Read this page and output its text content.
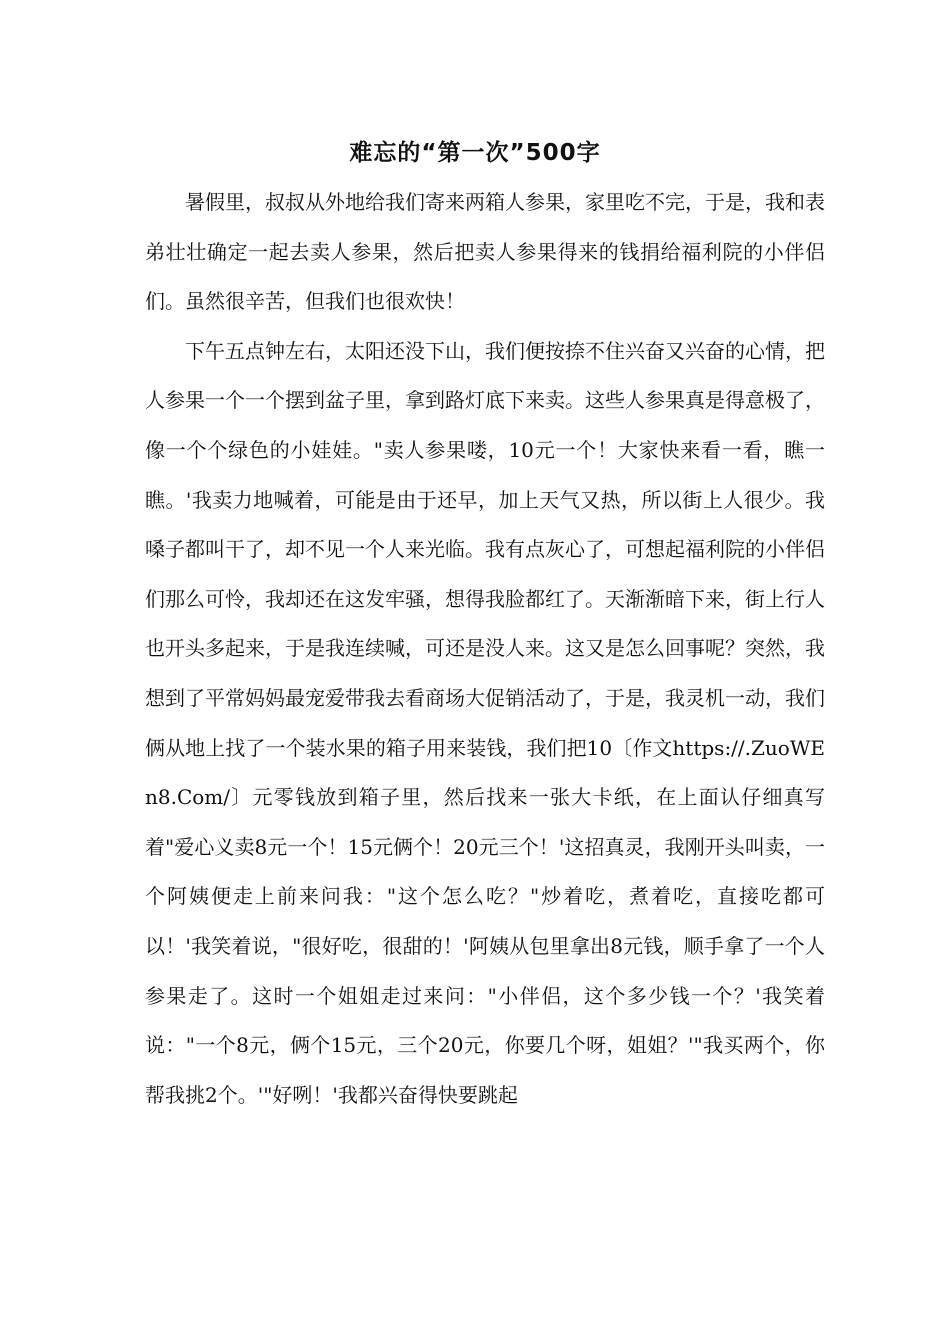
难忘的“第一次”500字

暑假里，叔叔从外地给我们寄来两箱人参果，家里吃不完，于是，我和表弟壮壮确定一起去卖人参果，然后把卖人参果得来的钱捐给福利院的小伴侣们。虽然很辛苦，但我们也很欢快！

下午五点钟左右，太阳还没下山，我们便按捺不住兴奋又兴奋的心情，把人参果一个一个摆到盆子里，拿到路灯底下来卖。这些人参果真是得意极了，像一个个绿色的小娃娃。"卖人参果喽，10元一个！大家快来看一看，瞧一瞧。'我卖力地喊着，可能是由于还早，加上天气又热，所以街上人很少。我嗓子都叫干了，却不见一个人来光临。我有点灰心了，可想起福利院的小伴侣们那么可怜，我却还在这发牢骚，想得我脸都红了。天渐渐暗下来，街上行人也开头多起来，于是我连续喊，可还是没人来。这又是怎么回事呢？突然，我想到了平常妈妈最宠爱带我去看商场大促销活动了，于是，我灵机一动，我们俩从地上找了一个装水果的箱子用来装钱，我们把10〔作文https://.ZuoWEn8.Com/〕元零钱放到箱子里，然后找来一张大卡纸，在上面认仔细真写着"爱心义卖8元一个！15元俩个！20元三个！'这招真灵，我刚开头叫卖，一个阿姨便走上前来问我："这个怎么吃？"炒着吃，煮着吃，直接吃都可以！'我笑着说，"很好吃，很甜的！'阿姨从包里拿出8元钱，顺手拿了一个人参果走了。这时一个姐姐走过来问："小伴侣，这个多少钱一个？'我笑着说："一个8元，俩个15元，三个20元，你要几个呀，姐姐？'"我买两个，你帮我挑2个。'"好咧！'我都兴奋得快要跳起
